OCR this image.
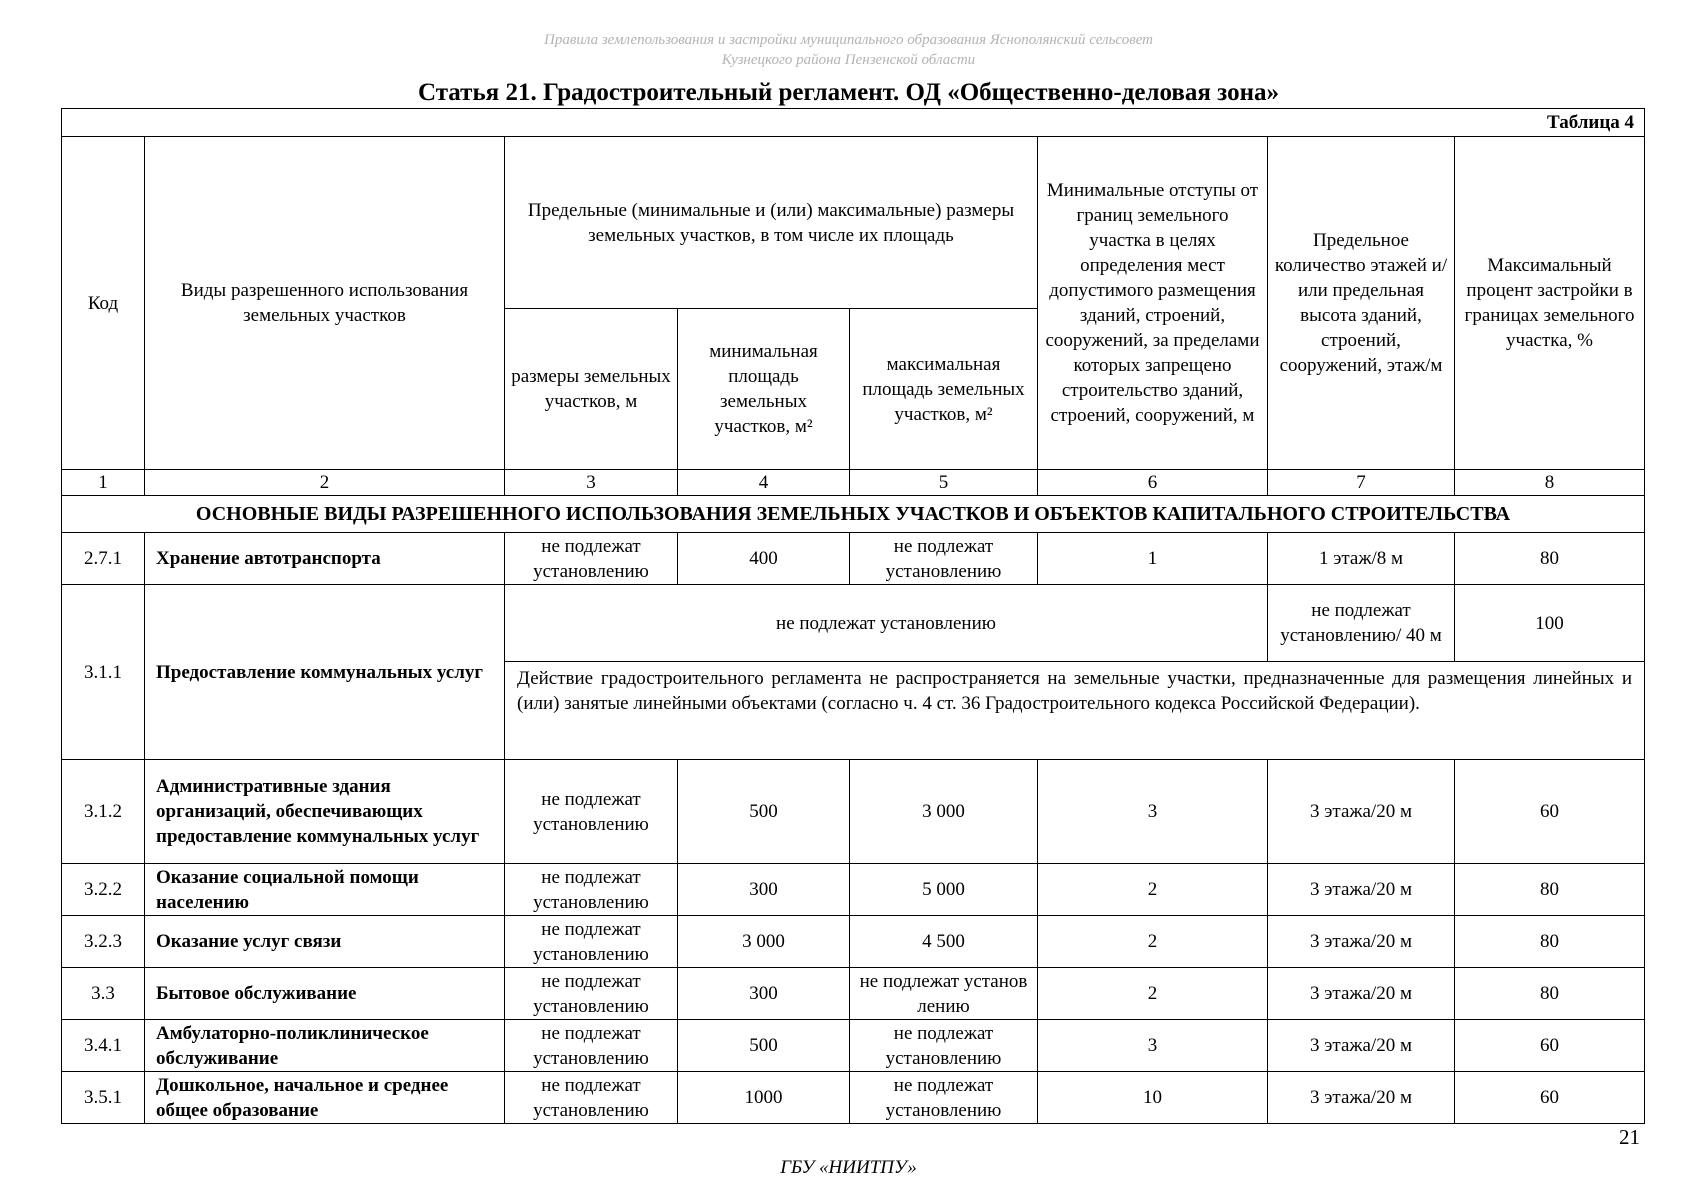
Правила землепользования и застройки муниципального образования Яснополянский сельсовет
Кузнецкого района Пензенской области
Статья 21. Градостроительный регламент. ОД «Общественно-деловая зона»
Таблица 4							
Код	Виды разрешенного использования земельных участков	Предельные (минимальные и (или) максимальные) размеры земельных участков, в том числе их площадь			Минимальные отступы от границ земельного участка в целях определения мест допустимого размещения зданий, строений, сооружений, за пределами которых запрещено строительство зданий, строений, сооружений, м	Предельное количество этажей и/или предельная высота зданий, строений, сооружений, этаж/м	Максимальный процент застройки в границах земельного участка, %
		размеры земельных участков, м	минимальная площадь земельных участков, м²	максимальная площадь земельных участков, м²			
1	2	3	4	5	6	7	8
ОСНОВНЫЕ ВИДЫ РАЗРЕШЕННОГО ИСПОЛЬЗОВАНИЯ ЗЕМЕЛЬНЫХ УЧАСТКОВ И ОБЪЕКТОВ КАПИТАЛЬНОГО СТРОИТЕЛЬСТВА							
2.7.1	Хранение автотранспорта	не подлежат установлению	400	не подлежат установлению	1	1 этаж/8 м	80
3.1.1	Предоставление коммунальных услуг	не подлежат установлению				не подлежат установлению/ 40 м	100
		Действие градостроительного регламента не распространяется на земельные участки, предназначенные для размещения линейных и (или) занятые линейными объектами (согласно ч. 4 ст. 36 Градостроительного кодекса Российской Федерации).					
3.1.2	Административные здания организаций, обеспечивающих предоставление коммунальных услуг	не подлежат установлению	500	3 000	3	3 этажа/20 м	60
3.2.2	Оказание социальной помощи населению	не подлежат установлению	300	5 000	2	3 этажа/20 м	80
3.2.3	Оказание услуг связи	не подлежат установлению	3 000	4 500	2	3 этажа/20 м	80
3.3	Бытовое обслуживание	не подлежат установлению	300	не подлежат установ лению	2	3 этажа/20 м	80
3.4.1	Амбулаторно-поликлиническое обслуживание	не подлежат установлению	500	не подлежат установлению	3	3 этажа/20 м	60
3.5.1	Дошкольное, начальное и среднее общее образование	не подлежат установлению	1000	не подлежат установлению	10	3 этажа/20 м	60
21
ГБУ «НИИТПУ»
